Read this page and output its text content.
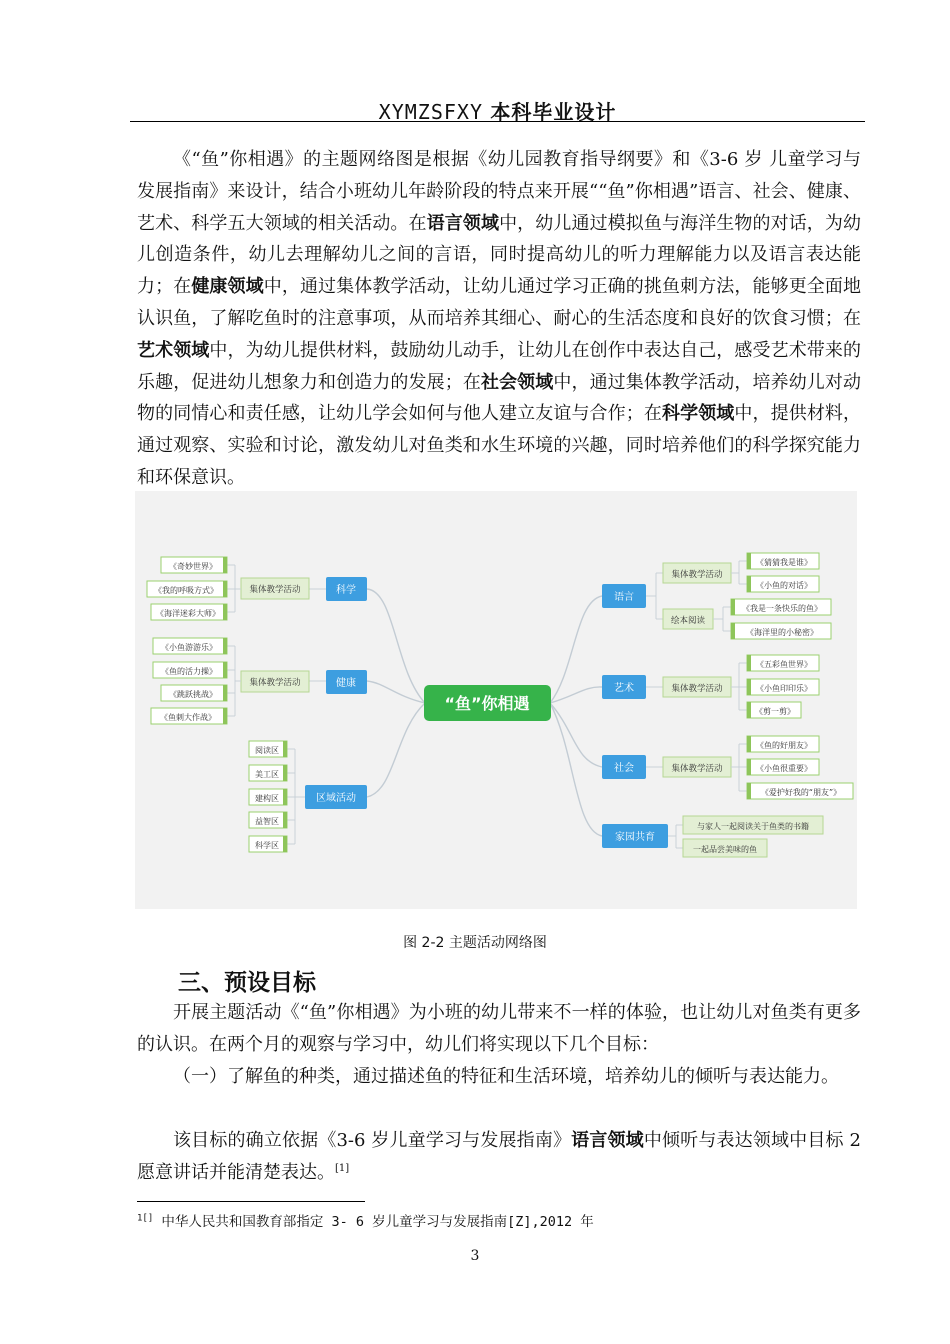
XYMZSFXY 本科毕业设计

《“鱼”你相遇》的主题网络图是根据《幼儿园教育指导纲要》和《3-6 岁 儿童学习与发展指南》来设计，结合小班幼儿年龄阶段的特点来开展““鱼”你相遇”语言、社会、健康、艺术、科学五大领域的相关活动。在语言领域中，幼儿通过模拟鱼与海洋生物的对话，为幼儿创造条件，幼儿去理解幼儿之间的言语，同时提高幼儿的听力理解能力以及语言表达能力；在健康领域中，通过集体教学活动，让幼儿通过学习正确的挑鱼刺方法，能够更全面地认识鱼，了解吃鱼时的注意事项，从而培养其细心、耐心的生活态度和良好的饮食习惯；在艺术领域中，为幼儿提供材料，鼓励幼儿动手，让幼儿在创作中表达自己，感受艺术带来的乐趣，促进幼儿想象力和创造力的发展；在社会领域中，通过集体教学活动，培养幼儿对动物的同情心和责任感，让幼儿学会如何与他人建立友谊与合作；在科学领域中，提供材料，通过观察、实验和讨论，激发幼儿对鱼类和水生环境的兴趣，同时培养他们的科学探究能力和环保意识。

“鱼”你相遇
科学
集体教学活动
《奇妙世界》
《我的呼吸方式》
《海洋迷彩大师》
健康
集体教学活动
《小鱼游游乐》
《鱼的活力操》
《跳跃挑战》
《鱼刺大作战》
区域活动
阅读区
美工区
建构区
益智区
科学区
语言
集体教学活动
绘本阅读
《猜猜我是谁》
《小鱼的对话》
《我是一条快乐的鱼》
《海洋里的小秘密》
艺术	集体教学活动
《五彩鱼世界》
《小鱼印印乐》
《剪一剪》
社会	集体教学活动
《鱼的好朋友》
《小鱼很重要》
《爱护好我的“朋友”》
家园共育
与家人一起阅读关于鱼类的书籍
一起品尝美味的鱼
图 2-2 主题活动网络图
三、预设目标

开展主题活动《“鱼”你相遇》为小班的幼儿带来不一样的体验，也让幼儿对鱼类有更多的认识。在两个月的观察与学习中，幼儿们将实现以下几个目标：

（一）了解鱼的种类，通过描述鱼的特征和生活环境，培养幼儿的倾听与表达能力。

该目标的确立依据《3-6 岁儿童学习与发展指南》语言领域中倾听与表达领域中目标 2 愿意讲话并能清楚表达。[1]

$^{1[]}$ 中华人民共和国教育部指定 3- 6 岁儿童学习与发展指南[Z],2012 年
3
